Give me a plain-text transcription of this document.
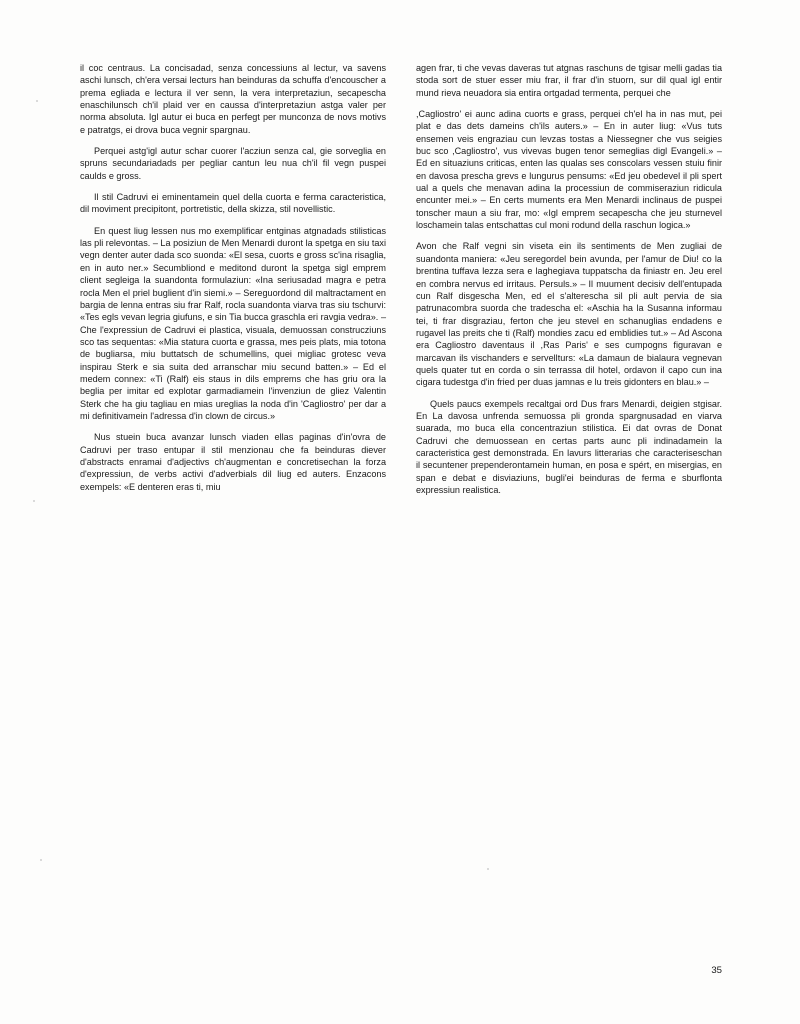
il coc centraus. La concisadad, senza concessiuns al lectur, va savens aschi lunsch, ch'era versai lecturs han beinduras da schuffa d'encouscher a prema egliada e lectura il ver senn, la vera interpretaziun, secapescha enaschilunsch ch'il plaid ver en caussa d'interpretaziun astga valer per norma absoluta. Igl autur ei buca en perfegt per munconza de novs motivs e patratgs, ei drova buca vegnir spargnau.

Perquei astg'igl autur schar cuorer l'acziun senza cal, gie sorveglia en spruns secundariadads per pegliar cantun leu nua ch'il fil vegn puspei caulds e gross.

Il stil Cadruvi ei eminentamein quel della cuorta e ferma caracteristica, dil moviment precipitont, portretistic, della skizza, stil novellistic.

En quest liug lessen nus mo exemplificar entginas atgnadads stilisticas las pli relevontas. – La posiziun de Men Menardi duront la spetga en siu taxi vegn denter auter dada sco suonda: «El sesa, cuorts e gross sc'ina risaglia, en in auto ner.» Secumbliond e meditond duront la spetga sigl emprem client segleiga la suandonta formulaziun: «Ina seriusadad magra e petra rocla Men el priel buglient d'in siemi.» – Sereguordond dil maltractament en bargia de lenna entras siu frar Ralf, rocla suandonta viarva tras siu tschurvi: «Tes egls vevan legria giufuns, e sin Tia bucca graschla eri ravgia vedra». – Che l'expressiun de Cadruvi ei plastica, visuala, demuossan construcziuns sco tas sequentas: «Mia statura cuorta e grassa, mes peis plats, mia totona de bugliarsa, miu buttatsch de schumellins, quei migliac grotesc veva inspirau Sterk e sia suita ded arranschar miu secund batten.» – Ed el medem connex: «Ti (Ralf) eis staus in dils emprems che has griu ora la beglia per imitar ed explotar garmadiamein l'invenziun de gliez Valentin Sterk che ha giu tagliau en mias ureglias la noda d'in 'Cagliostro' per dar a mi definitivamein l'adressa d'in clown de circus.»

Nus stuein buca avanzar lunsch viaden ellas paginas d'in'ovra de Cadruvi per traso entupar il stil menzionau che fa beinduras diever d'abstracts enramai d'adjectivs ch'augmentan e concretisechan la forza d'expressiun, de verbs activi d'adverbials dil liug ed auters. Enzacons exempels: «E denteren eras ti, miu

agen frar, ti che vevas daveras tut atgnas raschuns de tgisar melli gadas tia stoda sort de stuer esser miu frar, il frar d'in stuorn, sur dil qual igl entir mund rieva neuadora sia entira ortgadad termenta, perquei che

,Cagliostro' ei aunc adina cuorts e grass, perquei ch'el ha in nas mut, pei plat e das dets dameins ch'ils auters.» – En in auter liug: «Vus tuts ensemen veis engraziau cun levzas tostas a Niessegner che vus seigies buc sco ,Cagliostro', vus vivevas bugen tenor semeglias digl Evangeli.» – Ed en situaziuns criticas, enten las qualas ses conscolars vessen stuiu finir en davosa prescha grevs e lungurus pensums: «Ed jeu obedevel il pli spert ual a quels che menavan adina la processiun de commiseraziun ridicula encunter mei.» – En certs muments era Men Menardi inclinaus de puspei tonscher maun a siu frar, mo: «Igl emprem secapescha che jeu sturnevel loschamein talas entschattas cul moni rodund della raschun logica.»

Avon che Ralf vegni sin viseta ein ils sentiments de Men zugliai de suandonta maniera: «Jeu seregordel bein avunda, per l'amur de Diu! co la brentina tuffava lezza sera e laghegiava tuppatscha da finiastr en. Jeu erel en combra nervus ed irritaus. Persuls.» – Il muument decisiv dell'entupada cun Ralf disgescha Men, ed el s'alterescha sil pli ault pervia de sia patrunacombra suorda che tradescha el: «Aschia ha la Susanna informau tei, ti frar disgraziau, ferton che jeu stevel en schanuglias endadens e rugavel las preits che ti (Ralf) mondies zacu ed emblidies tut.» – Ad Ascona era Cagliostro daventaus il ,Ras Paris' e ses cumpogns figuravan e marcavan ils vischanders e servellturs: «La damaun de bialaura vegnevan quels quater tut en corda o sin terrassa dil hotel, ordavon il capo cun ina cigara tudestga d'in fried per duas jamnas e lu treis gidonters en blau.» –

Quels paucs exempels recaltgai ord Dus frars Menardi, deigien stgisar. En La davosa unfrenda semuossa pli gronda spargnusadad en viarva suarada, mo buca ella concentraziun stilistica. Ei dat ovras de Donat Cadruvi che demuossean en certas parts aunc pli indinadamein la caracteristica gest demonstrada. En lavurs litterarias che caracteriseschan il secuntener prependerontamein human, en posa e spért, en misergias, en span e debat e disviaziuns, bugli'ei beinduras de ferma e sburflonta expressiun realistica.

35
